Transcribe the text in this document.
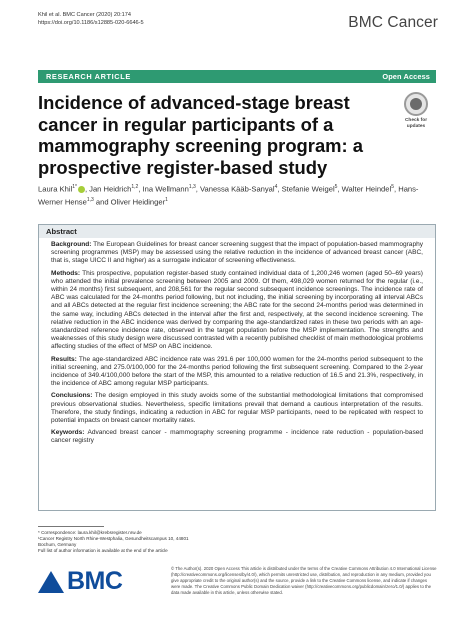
Khil et al. BMC Cancer (2020) 20:174
https://doi.org/10.1186/s12885-020-6646-5	BMC Cancer
RESEARCH ARTICLE	Open Access
Incidence of advanced-stage breast cancer in regular participants of a mammography screening program: a prospective register-based study
Check for updates
Laura Khil$^{1*}$ , Jan Heidrich$^{1,2}$, Ina Wellmann$^{1,3}$, Vanessa Kääb-Sanyal$^4$, Stefanie Weigel$^5$, Walter Heindel$^5$, Hans-Werner Hense$^{1,3}$ and Oliver Heidinger$^1$
Abstract

Background: The European Guidelines for breast cancer screening suggest that the impact of population-based mammography screening programmes (MSP) may be assessed using the relative reduction in the incidence of advanced breast cancer (ABC, that is, stage UICC II and higher) as a surrogate indicator of screening effectiveness.

Methods: This prospective, population register-based study contained individual data of 1,200,246 women (aged 50–69 years) who attended the initial prevalence screening between 2005 and 2009. Of them, 498,029 women returned for the regular (i.e., within 24 months) first subsequent, and 208,561 for the regular second subsequent incidence screenings. The incidence rate of ABC was calculated for the 24-months period following, but not including, the initial screening by incorporating all interval ABCs and all ABCs detected at the regular first incidence screening; the ABC rate for the second 24-months period was determined in the same way, including ABCs detected in the interval after the first and, respectively, at the second incidence screening. The relative reduction in the ABC incidence was derived by comparing the age-standardized rates in these two periods with an age-standardized reference incidence rate, observed in the target population before the MSP implementation. The strengths and weaknesses of this study design were discussed contrasted with a recently published checklist of main methodological problems affecting studies of the effect of MSP on ABC incidence.

Results: The age-standardized ABC incidence rate was 291.6 per 100,000 women for the 24-months period subsequent to the initial screening, and 275.0/100,000 for the 24-months period following the first subsequent screening. Compared to the 2-year incidence of 349.4/100,000 before the start of the MSP, this amounted to a relative reduction of 16.5 and 21.3%, respectively, in the incidence of ABC among regular MSP participants.

Conclusions: The design employed in this study avoids some of the substantial methodological limitations that compromised previous observational studies. Nevertheless, specific limitations prevail that demand a cautious interpretation of the results. Therefore, the study findings, indicating a reduction in ABC for regular MSP participants, need to be replicated with respect to potential impacts on breast cancer mortality rates.

Keywords: Advanced breast cancer - mammography screening programme - incidence rate reduction - population-based cancer registry

* Correspondence: laura.khil@krebsregister.nrw.de
¹Cancer Registry North Rhine-Westphalia, Gesundheitscampus 10, 44801
Bochum, Germany
Full list of author information is available at the end of the article
BMC	© The Author(s). 2020 Open Access This article is distributed under the terms of the Creative Commons Attribution 4.0 International License (http://creativecommons.org/licenses/by/4.0/), which permits unrestricted use, distribution, and reproduction in any medium, provided you give appropriate credit to the original author(s) and the source, provide a link to the Creative Commons license, and indicate if changes were made. The Creative Commons Public Domain Dedication waiver (http://creativecommons.org/publicdomain/zero/1.0/) applies to the data made available in this article, unless otherwise stated.
